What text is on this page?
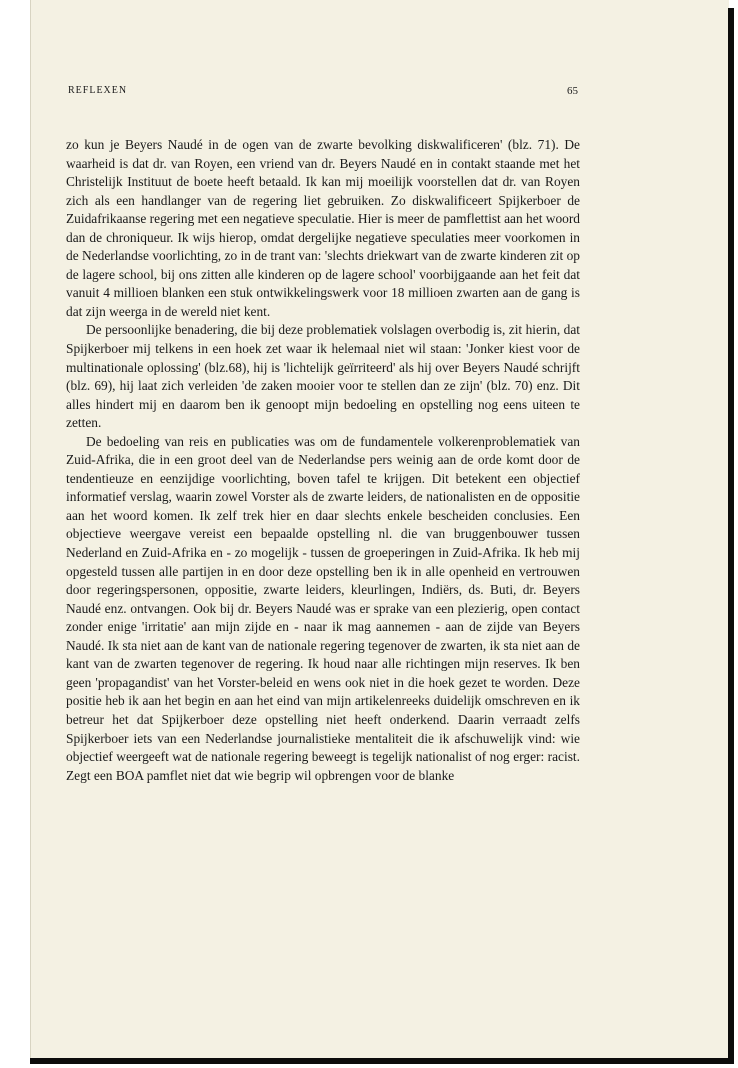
REFLEXEN	65

zo kun je Beyers Naudé in de ogen van de zwarte bevolking diskwalificeren' (blz. 71). De waarheid is dat dr. van Royen, een vriend van dr. Beyers Naudé en in contakt staande met het Christelijk Instituut de boete heeft betaald. Ik kan mij moeilijk voorstellen dat dr. van Royen zich als een handlanger van de regering liet gebruiken. Zo diskwalificeert Spijkerboer de Zuidafrikaanse regering met een negatieve speculatie. Hier is meer de pamflettist aan het woord dan de chroniqueur. Ik wijs hierop, omdat dergelijke negatieve speculaties meer voorkomen in de Nederlandse voorlichting, zo in de trant van: 'slechts driekwart van de zwarte kinderen zit op de lagere school, bij ons zitten alle kinderen op de lagere school' voorbijgaande aan het feit dat vanuit 4 millioen blanken een stuk ontwikkelingswerk voor 18 millioen zwarten aan de gang is dat zijn weerga in de wereld niet kent.

De persoonlijke benadering, die bij deze problematiek volslagen overbodig is, zit hierin, dat Spijkerboer mij telkens in een hoek zet waar ik helemaal niet wil staan: 'Jonker kiest voor de multinationale oplossing' (blz.68), hij is 'lichtelijk geïrriteerd' als hij over Beyers Naudé schrijft (blz. 69), hij laat zich verleiden 'de zaken mooier voor te stellen dan ze zijn' (blz. 70) enz. Dit alles hindert mij en daarom ben ik genoopt mijn bedoeling en opstelling nog eens uiteen te zetten.

De bedoeling van reis en publicaties was om de fundamentele volkerenproblematiek van Zuid-Afrika, die in een groot deel van de Nederlandse pers weinig aan de orde komt door de tendentieuze en eenzijdige voorlichting, boven tafel te krijgen. Dit betekent een objectief informatief verslag, waarin zowel Vorster als de zwarte leiders, de nationalisten en de oppositie aan het woord komen. Ik zelf trek hier en daar slechts enkele bescheiden conclusies. Een objectieve weergave vereist een bepaalde opstelling nl. die van bruggenbouwer tussen Nederland en Zuid-Afrika en - zo mogelijk - tussen de groeperingen in Zuid-Afrika. Ik heb mij opgesteld tussen alle partijen in en door deze opstelling ben ik in alle openheid en vertrouwen door regeringspersonen, oppositie, zwarte leiders, kleurlingen, Indiërs, ds. Buti, dr. Beyers Naudé enz. ontvangen. Ook bij dr. Beyers Naudé was er sprake van een plezierig, open contact zonder enige 'irritatie' aan mijn zijde en - naar ik mag aannemen - aan de zijde van Beyers Naudé. Ik sta niet aan de kant van de nationale regering tegenover de zwarten, ik sta niet aan de kant van de zwarten tegenover de regering. Ik houd naar alle richtingen mijn reserves. Ik ben geen 'propagandist' van het Vorster-beleid en wens ook niet in die hoek gezet te worden. Deze positie heb ik aan het begin en aan het eind van mijn artikelenreeks duidelijk omschreven en ik betreur het dat Spijkerboer deze opstelling niet heeft onderkend. Daarin verraadt zelfs Spijkerboer iets van een Nederlandse journalistieke mentaliteit die ik afschuwelijk vind: wie objectief weergeeft wat de nationale regering beweegt is tegelijk nationalist of nog erger: racist. Zegt een BOA pamflet niet dat wie begrip wil opbrengen voor de blanke
